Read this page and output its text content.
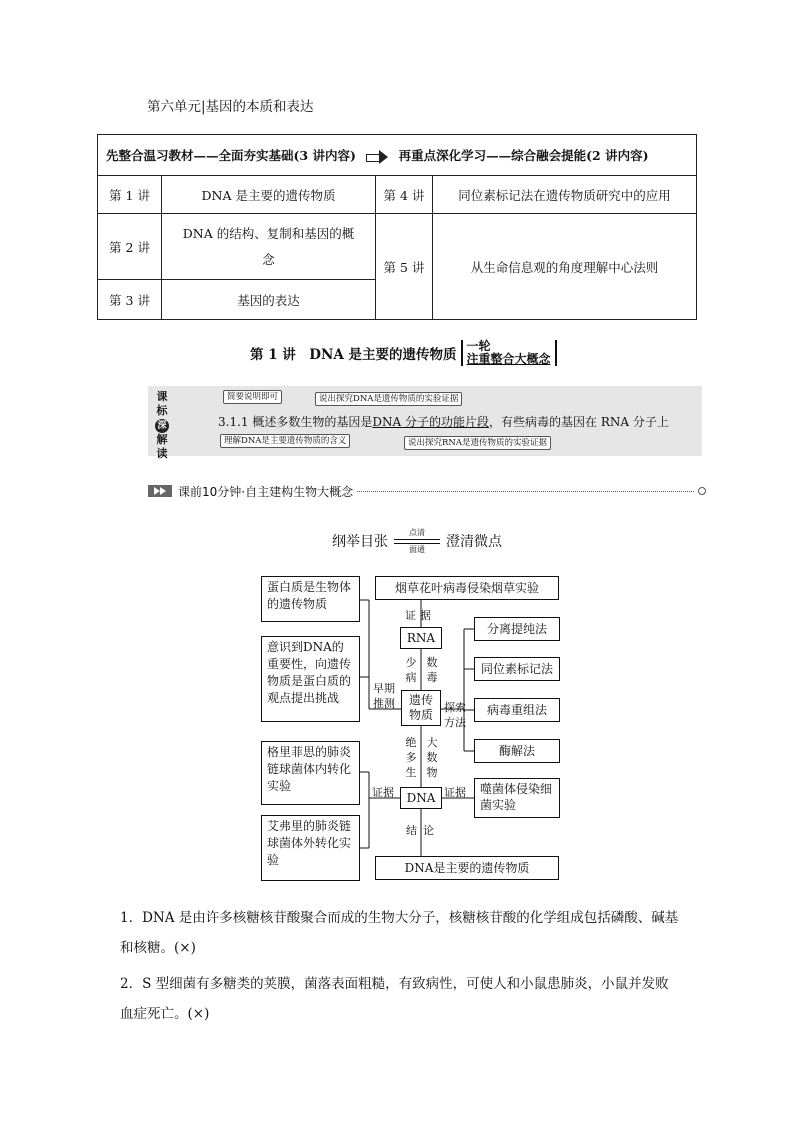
第六单元|基因的本质和表达
先整合温习教材——全面夯实基础(3 讲内容) 再重点深化学习——综合融会提能(2 讲内容)			
第 1 讲	DNA 是主要的遗传物质	第 4 讲	同位素标记法在遗传物质研究中的应用
第 2 讲	DNA 的结构、复制和基因的概念	第 5 讲	从生命信息观的角度理解中心法则
第 3 讲	基因的表达		
第 1 讲　DNA 是主要的遗传物质
一轮
注重整合大概念
课
标
深
解
读
3.1.1 概述多数生物的基因是DNA 分子的功能片段，有些病毒的基因在 RNA 分子上
简要说明即可	说出探究DNA是遗传物质的实验证据
理解DNA是主要遗传物质的含义	说出探究RNA是遗传物质的实验证据
课前10分钟·自主建构生物大概念
纲举目张
点清
面通	澄清微点
蛋白质是生物体的遗传物质
意识到DNA的重要性，向遗传物质是蛋白质的观点提出挑战
格里菲思的肺炎链球菌体内转化实验
艾弗里的肺炎链球菌体外转化实验
烟草花叶病毒侵染烟草实验
RNA
遗传物质
DNA
DNA是主要的遗传物质
分离提纯法
同位素标记法
病毒重组法
酶解法
噬菌体侵染细菌实验
证据
少
病
数
毒
早期
推测	探索
方法
绝
多
生
大
数
物
证据	证据
结论
1．DNA 是由许多核糖核苷酸聚合而成的生物大分子，核糖核苷酸的化学组成包括磷酸、碱基和核糖。(×)
2．S 型细菌有多糖类的荚膜，菌落表面粗糙，有致病性，可使人和小鼠患肺炎，小鼠并发败血症死亡。(×)
